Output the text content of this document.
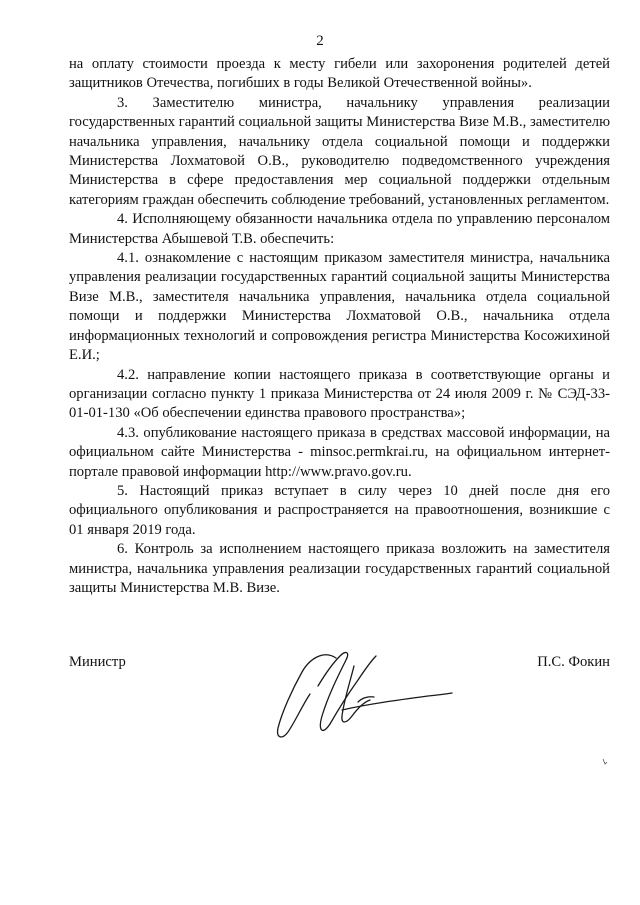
2

на оплату стоимости проезда к месту гибели или захоронения родителей детей защитников Отечества, погибших в годы Великой Отечественной войны».

3. Заместителю министра, начальнику управления реализации государственных гарантий социальной защиты Министерства Визе М.В., заместителю начальника управления, начальнику отдела социальной помощи и поддержки Министерства Лохматовой О.В., руководителю подведомственного учреждения Министерства в сфере предоставления мер социальной поддержки отдельным категориям граждан обеспечить соблюдение требований, установленных регламентом.

4. Исполняющему обязанности начальника отдела по управлению персоналом Министерства Абышевой Т.В. обеспечить:

4.1. ознакомление с настоящим приказом заместителя министра, начальника управления реализации государственных гарантий социальной защиты Министерства Визе М.В., заместителя начальника управления, начальника отдела социальной помощи и поддержки Министерства Лохматовой О.В., начальника отдела информационных технологий и сопровождения регистра Министерства Косожихиной Е.И.;

4.2. направление копии настоящего приказа в соответствующие органы и организации согласно пункту 1 приказа Министерства от 24 июля 2009 г. № СЭД-33-01-01-130 «Об обеспечении единства правового пространства»;

4.3. опубликование настоящего приказа в средствах массовой информации, на официальном сайте Министерства - minsoc.permkrai.ru, на официальном интернет-портале правовой информации http://www.pravo.gov.ru.

5. Настоящий приказ вступает в силу через 10 дней после дня его официального опубликования и распространяется на правоотношения, возникшие с 01 января 2019 года.

6. Контроль за исполнением настоящего приказа возложить на заместителя министра, начальника управления реализации государственных гарантий социальной защиты Министерства М.В. Визе.

Министр	П.С. Фокин
